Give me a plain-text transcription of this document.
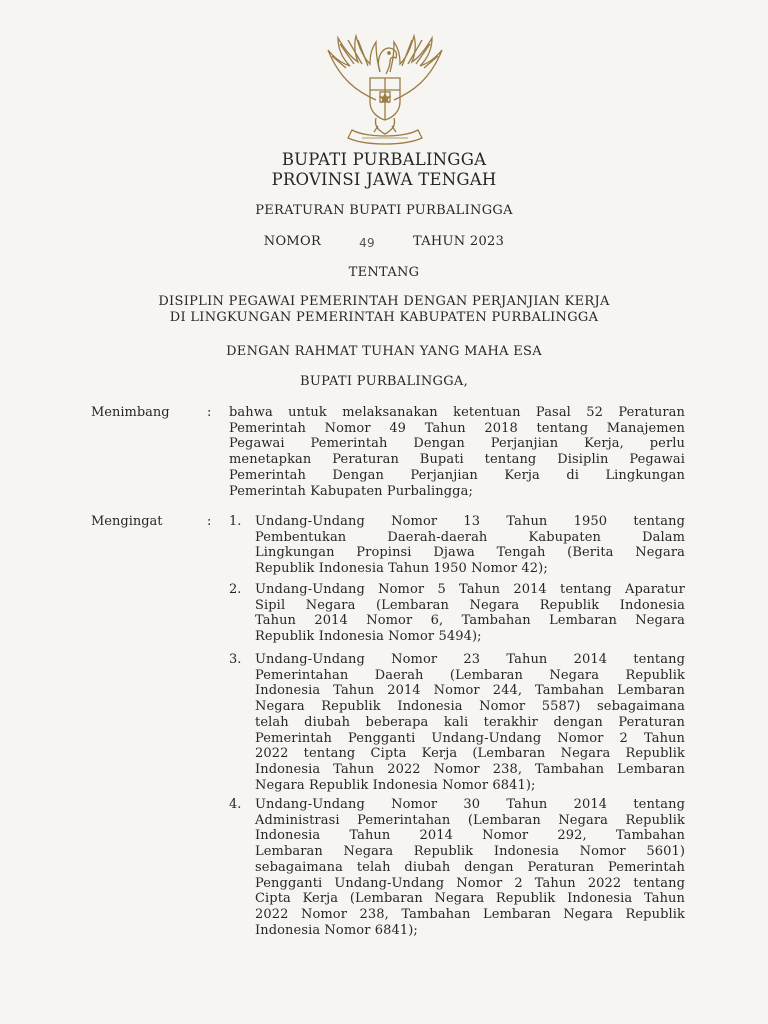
BUPATI PURBALINGGA
PROVINSI JAWA TENGAH
PERATURAN BUPATI PURBALINGGA
NOMOR	49	TAHUN 2023
TENTANG
DISIPLIN PEGAWAI PEMERINTAH DENGAN PERJANJIAN KERJA
DI LINGKUNGAN PEMERINTAH KABUPATEN PURBALINGGA
DENGAN RAHMAT TUHAN YANG MAHA ESA
BUPATI PURBALINGGA,
Menimbang	: bahwa untuk melaksanakan ketentuan Pasal 52 Peraturan
Pemerintah Nomor 49 Tahun 2018 tentang Manajemen
Pegawai Pemerintah Dengan Perjanjian Kerja, perlu
menetapkan Peraturan Bupati tentang Disiplin Pegawai
Pemerintah Dengan Perjanjian Kerja di Lingkungan
Pemerintah Kabupaten Purbalingga;
Mengingat	: 1. Undang-Undang Nomor 13 Tahun 1950 tentang
Pembentukan Daerah-daerah Kabupaten Dalam
Lingkungan Propinsi Djawa Tengah (Berita Negara
Republik Indonesia Tahun 1950 Nomor 42);
2. Undang-Undang Nomor 5 Tahun 2014 tentang Aparatur
Sipil Negara (Lembaran Negara Republik Indonesia
Tahun 2014 Nomor 6, Tambahan Lembaran Negara
Republik Indonesia Nomor 5494);
3. Undang-Undang Nomor 23 Tahun 2014 tentang
Pemerintahan Daerah (Lembaran Negara Republik
Indonesia Tahun 2014 Nomor 244, Tambahan Lembaran
Negara Republik Indonesia Nomor 5587) sebagaimana
telah diubah beberapa kali terakhir dengan Peraturan
Pemerintah Pengganti Undang-Undang Nomor 2 Tahun
2022 tentang Cipta Kerja (Lembaran Negara Republik
Indonesia Tahun 2022 Nomor 238, Tambahan Lembaran
Negara Republik Indonesia Nomor 6841);
4. Undang-Undang Nomor 30 Tahun 2014 tentang
Administrasi Pemerintahan (Lembaran Negara Republik
Indonesia Tahun 2014 Nomor 292, Tambahan
Lembaran Negara Republik Indonesia Nomor 5601)
sebagaimana telah diubah dengan Peraturan Pemerintah
Pengganti Undang-Undang Nomor 2 Tahun 2022 tentang
Cipta Kerja (Lembaran Negara Republik Indonesia Tahun
2022 Nomor 238, Tambahan Lembaran Negara Republik
Indonesia Nomor 6841);
